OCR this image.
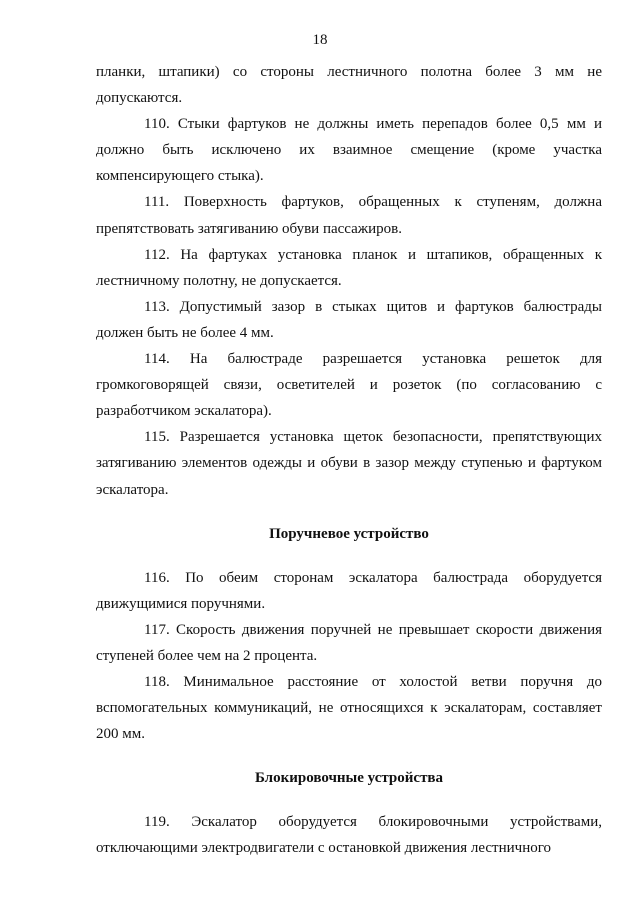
18

планки, штапики) со стороны лестничного полотна более 3 мм не допускаются.

110. Стыки фартуков не должны иметь перепадов более 0,5 мм и должно быть исключено их взаимное смещение (кроме участка компенсирующего стыка).

111. Поверхность фартуков, обращенных к ступеням, должна препятствовать затягиванию обуви пассажиров.

112. На фартуках установка планок и штапиков, обращенных к лестничному полотну, не допускается.

113. Допустимый зазор в стыках щитов и фартуков балюстрады должен быть не более 4 мм.

114. На балюстраде разрешается установка решеток для громкоговорящей связи, осветителей и розеток (по согласованию с разработчиком эскалатора).

115. Разрешается установка щеток безопасности, препятствующих затягиванию элементов одежды и обуви в зазор между ступенью и фартуком эскалатора.

Поручневое устройство

116. По обеим сторонам эскалатора балюстрада оборудуется движущимися поручнями.

117. Скорость движения поручней не превышает скорости движения ступеней более чем на 2 процента.

118. Минимальное расстояние от холостой ветви поручня до вспомогательных коммуникаций, не относящихся к эскалаторам, составляет 200 мм.

Блокировочные устройства

119. Эскалатор оборудуется блокировочными устройствами, отключающими электродвигатели с остановкой движения лестничного
